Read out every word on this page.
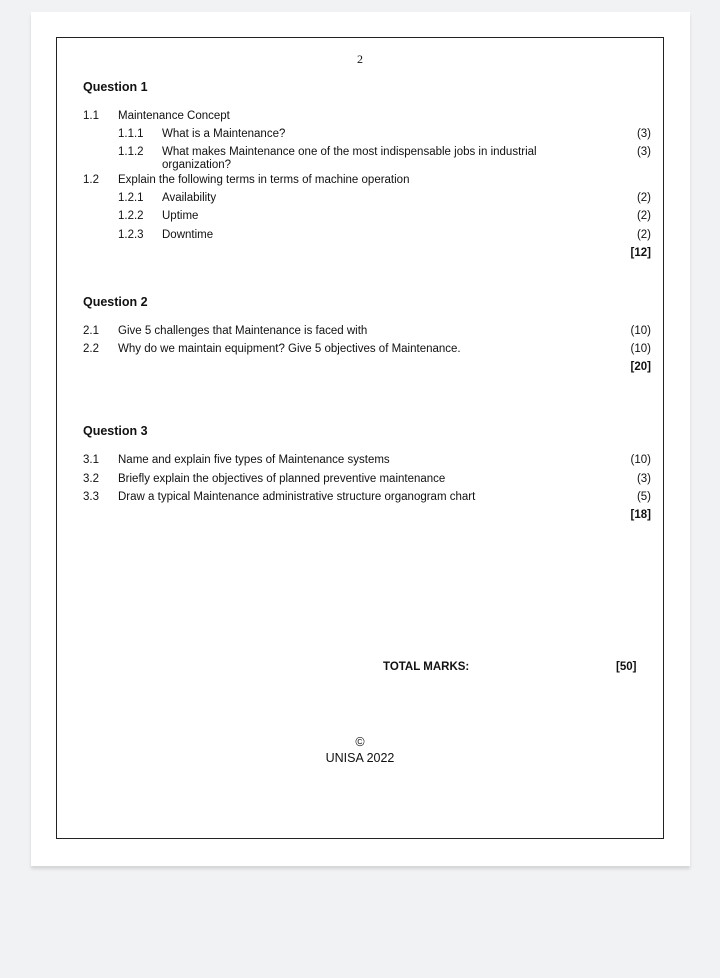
2
Question 1
1.1 Maintenance Concept
1.1.1 What is a Maintenance?	(3)
1.1.2 What makes Maintenance one of the most indispensable jobs in industrial organization?
(3)
1.2 Explain the following terms in terms of machine operation
1.2.1 Availability	(2)
1.2.2 Uptime	(2)
1.2.3 Downtime	(2)
[12]
Question 2
2.1 Give 5 challenges that Maintenance is faced with	(10)
2.2 Why do we maintain equipment? Give 5 objectives of Maintenance.	(10)
[20]
Question 3
3.1 Name and explain five types of Maintenance systems	(10)
3.2 Briefly explain the objectives of planned preventive maintenance	(3)
3.3 Draw a typical Maintenance administrative structure organogram chart	(5)
[18]
TOTAL MARKS:	[50]
©
UNISA 2022
